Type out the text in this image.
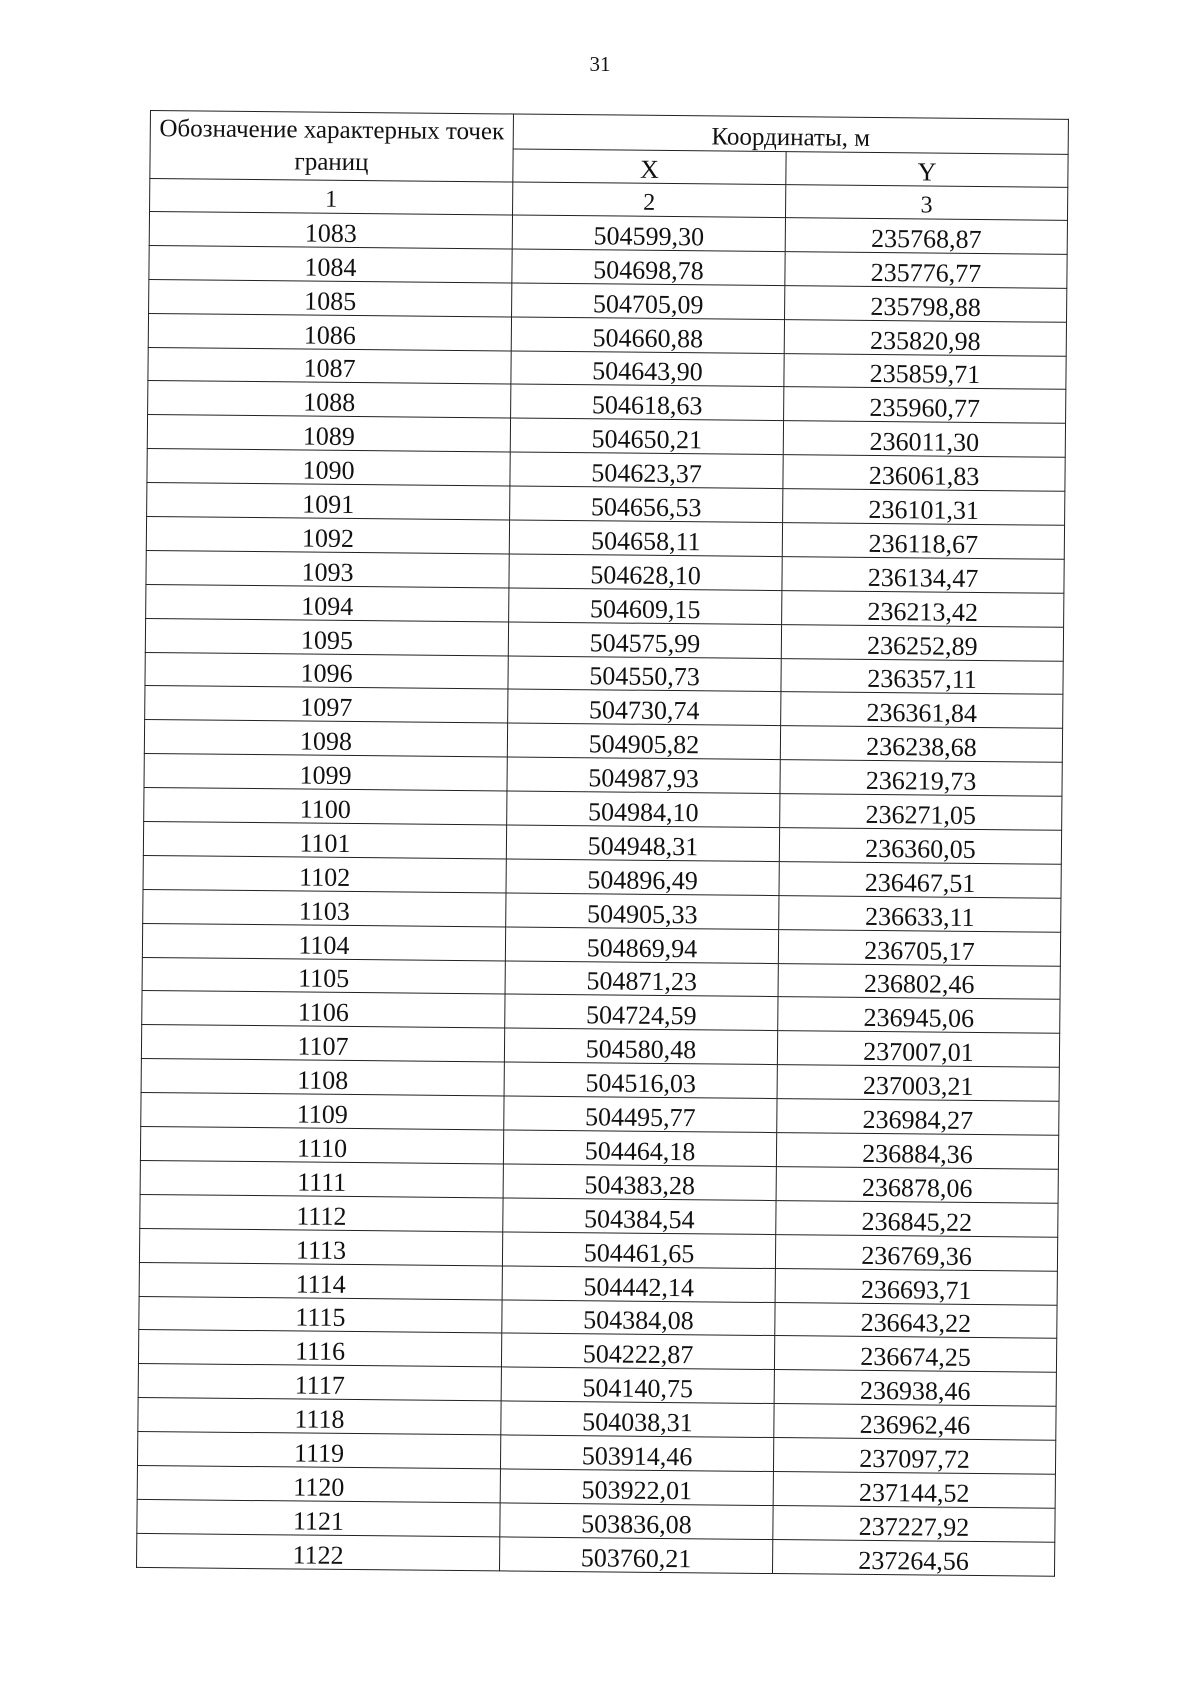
31
Обозначение характерных точек границ	Координаты, м	
	X	Y
1	2	3
1083	504599,30	235768,87
1084	504698,78	235776,77
1085	504705,09	235798,88
1086	504660,88	235820,98
1087	504643,90	235859,71
1088	504618,63	235960,77
1089	504650,21	236011,30
1090	504623,37	236061,83
1091	504656,53	236101,31
1092	504658,11	236118,67
1093	504628,10	236134,47
1094	504609,15	236213,42
1095	504575,99	236252,89
1096	504550,73	236357,11
1097	504730,74	236361,84
1098	504905,82	236238,68
1099	504987,93	236219,73
1100	504984,10	236271,05
1101	504948,31	236360,05
1102	504896,49	236467,51
1103	504905,33	236633,11
1104	504869,94	236705,17
1105	504871,23	236802,46
1106	504724,59	236945,06
1107	504580,48	237007,01
1108	504516,03	237003,21
1109	504495,77	236984,27
1110	504464,18	236884,36
1111	504383,28	236878,06
1112	504384,54	236845,22
1113	504461,65	236769,36
1114	504442,14	236693,71
1115	504384,08	236643,22
1116	504222,87	236674,25
1117	504140,75	236938,46
1118	504038,31	236962,46
1119	503914,46	237097,72
1120	503922,01	237144,52
1121	503836,08	237227,92
1122	503760,21	237264,56
